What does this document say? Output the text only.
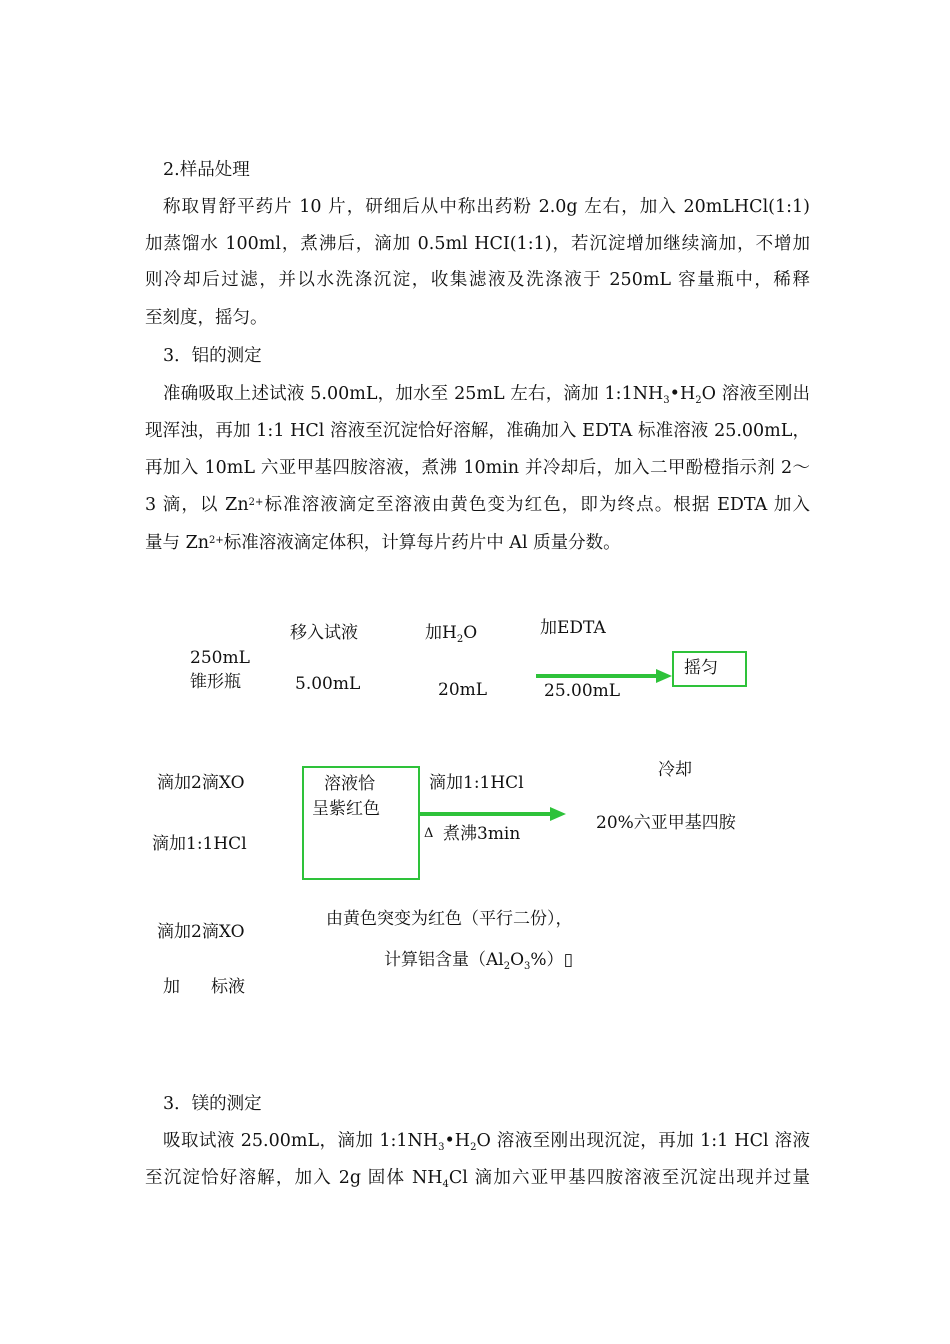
2.样品处理
称取胃舒平药片 10 片，研细后从中称出药粉 2.0g 左右，加入 20mLHCl(1:1)
加蒸馏水 100ml，煮沸后，滴加 0.5ml HCI(1:1)，若沉淀增加继续滴加，不增加
则冷却后过滤，并以水洗涤沉淀，收集滤液及洗涤液于 250mL 容量瓶中，稀释
至刻度，摇匀。
3．铝的测定
准确吸取上述试液 5.00mL，加水至 25mL 左右，滴加 $1:1NH_3•H_2O$ 溶液至刚出
现浑浊，再加 1:1 HCl 溶液至沉淀恰好溶解，准确加入 EDTA 标准溶液 25.00mL，
再加入 10mL 六亚甲基四胺溶液，煮沸 10min 并冷却后，加入二甲酚橙指示剂 2～
3 滴，以 $Zn^{2+}$标准溶液滴定至溶液由黄色变为红色，即为终点。根据 EDTA 加入
量与 $Zn^{2+}$标准溶液滴定体积，计算每片药片中 Al 质量分数。
250mL
锥形瓶
移入试液
5.00mL
加$H_2O$
20mL
加EDTA
25.00mL
摇匀
滴加2滴XO
滴加1:1HCl
溶液恰
呈紫红色
滴加1:1HCl
Δ 煮沸3min
冷却
20%六亚甲基四胺
滴加2滴XO
加 标液
由黄色突变为红色（平行二份），
计算铝含量$(Al_2O_3\%)▯$
3．镁的测定
吸取试液 25.00mL，滴加 $1:1NH_3•H_2O$ 溶液至刚出现沉淀，再加 1:1 HCl 溶液
至沉淀恰好溶解，加入 2g 固体 $NH_4Cl$ 滴加六亚甲基四胺溶液至沉淀出现并过量
